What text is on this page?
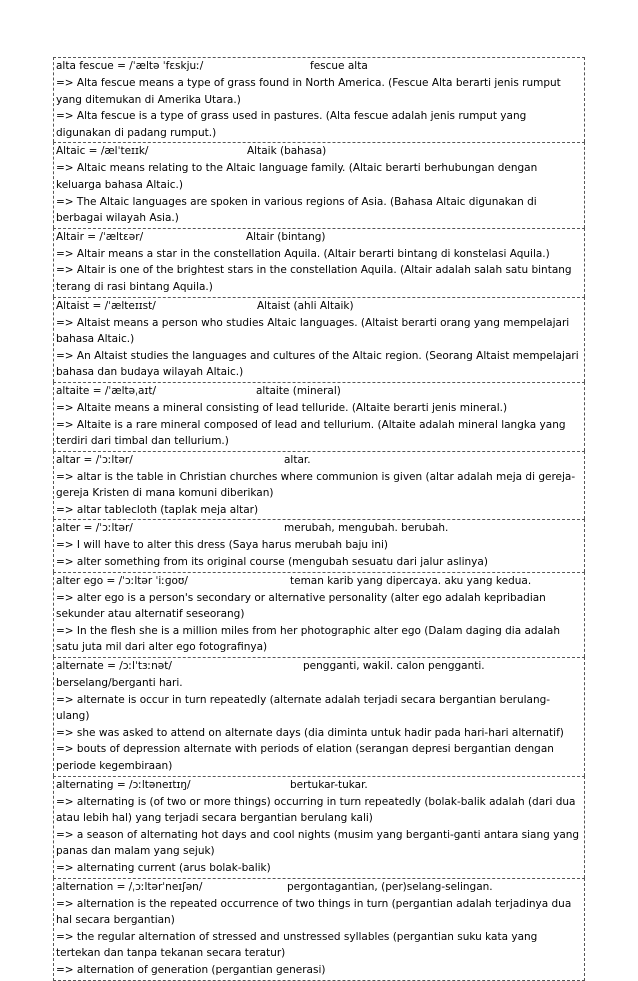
alta fescue = /ˈæltə ˈfɛskjuː/	fescue alta
=> Alta fescue means a type of grass found in North America. (Fescue Alta berarti jenis rumput yang ditemukan di Amerika Utara.)
=> Alta fescue is a type of grass used in pastures. (Alta fescue adalah jenis rumput yang digunakan di padang rumput.)
Altaic = /ælˈteɪɪk/	Altaik (bahasa)
=> Altaic means relating to the Altaic language family. (Altaic berarti berhubungan dengan keluarga bahasa Altaic.)
=> The Altaic languages are spoken in various regions of Asia. (Bahasa Altaic digunakan di berbagai wilayah Asia.)
Altair = /ˈæltɛər/	Altair (bintang)
=> Altair means a star in the constellation Aquila. (Altair berarti bintang di konstelasi Aquila.)
=> Altair is one of the brightest stars in the constellation Aquila. (Altair adalah salah satu bintang terang di rasi bintang Aquila.)
Altaist = /ˈælteɪɪst/	Altaist (ahli Altaik)
=> Altaist means a person who studies Altaic languages. (Altaist berarti orang yang mempelajari bahasa Altaic.)
=> An Altaist studies the languages and cultures of the Altaic region. (Seorang Altaist mempelajari bahasa dan budaya wilayah Altaic.)
altaite = /ˈæltəˌaɪt/	altaite (mineral)
=> Altaite means a mineral consisting of lead telluride. (Altaite berarti jenis mineral.)
=> Altaite is a rare mineral composed of lead and tellurium. (Altaite adalah mineral langka yang terdiri dari timbal dan tellurium.)
altar = /ˈɔːltər/	altar.
=> altar is the table in Christian churches where communion is given (altar adalah meja di gereja-gereja Kristen di mana komuni diberikan)
=> altar tablecloth (taplak meja altar)
alter = /ˈɔːltər/	merubah, mengubah. berubah.
=> I will have to alter this dress (Saya harus merubah baju ini)
=> alter something from its original course (mengubah sesuatu dari jalur aslinya)
alter ego = /ˈɔːltər ˈiːɡoʊ/	teman karib yang dipercaya. aku yang kedua.
=> alter ego is a person's secondary or alternative personality (alter ego adalah kepribadian sekunder atau alternatif seseorang)
=> In the flesh she is a million miles from her photographic alter ego (Dalam daging dia adalah satu juta mil dari alter ego fotografinya)
alternate = /ɔːlˈtɜːnət/	pengganti, wakil. calon pengganti.
berselang/berganti hari.
=> alternate is occur in turn repeatedly (alternate adalah terjadi secara bergantian berulang-ulang)
=> she was asked to attend on alternate days (dia diminta untuk hadir pada hari-hari alternatif)
=> bouts of depression alternate with periods of elation (serangan depresi bergantian dengan periode kegembiraan)
alternating = /ɔːltəneɪtɪŋ/	bertukar-tukar.
=> alternating is (of two or more things) occurring in turn repeatedly (bolak-balik adalah (dari dua atau lebih hal) yang terjadi secara bergantian berulang kali)
=> a season of alternating hot days and cool nights (musim yang berganti-ganti antara siang yang panas dan malam yang sejuk)
=> alternating current (arus bolak-balik)
alternation = /ˌɔːltərˈneɪʃən/	pergontagantian, (per)selang-selingan.
=> alternation is the repeated occurrence of two things in turn (pergantian adalah terjadinya dua hal secara bergantian)
=> the regular alternation of stressed and unstressed syllables (pergantian suku kata yang tertekan dan tanpa tekanan secara teratur)
=> alternation of generation (pergantian generasi)
